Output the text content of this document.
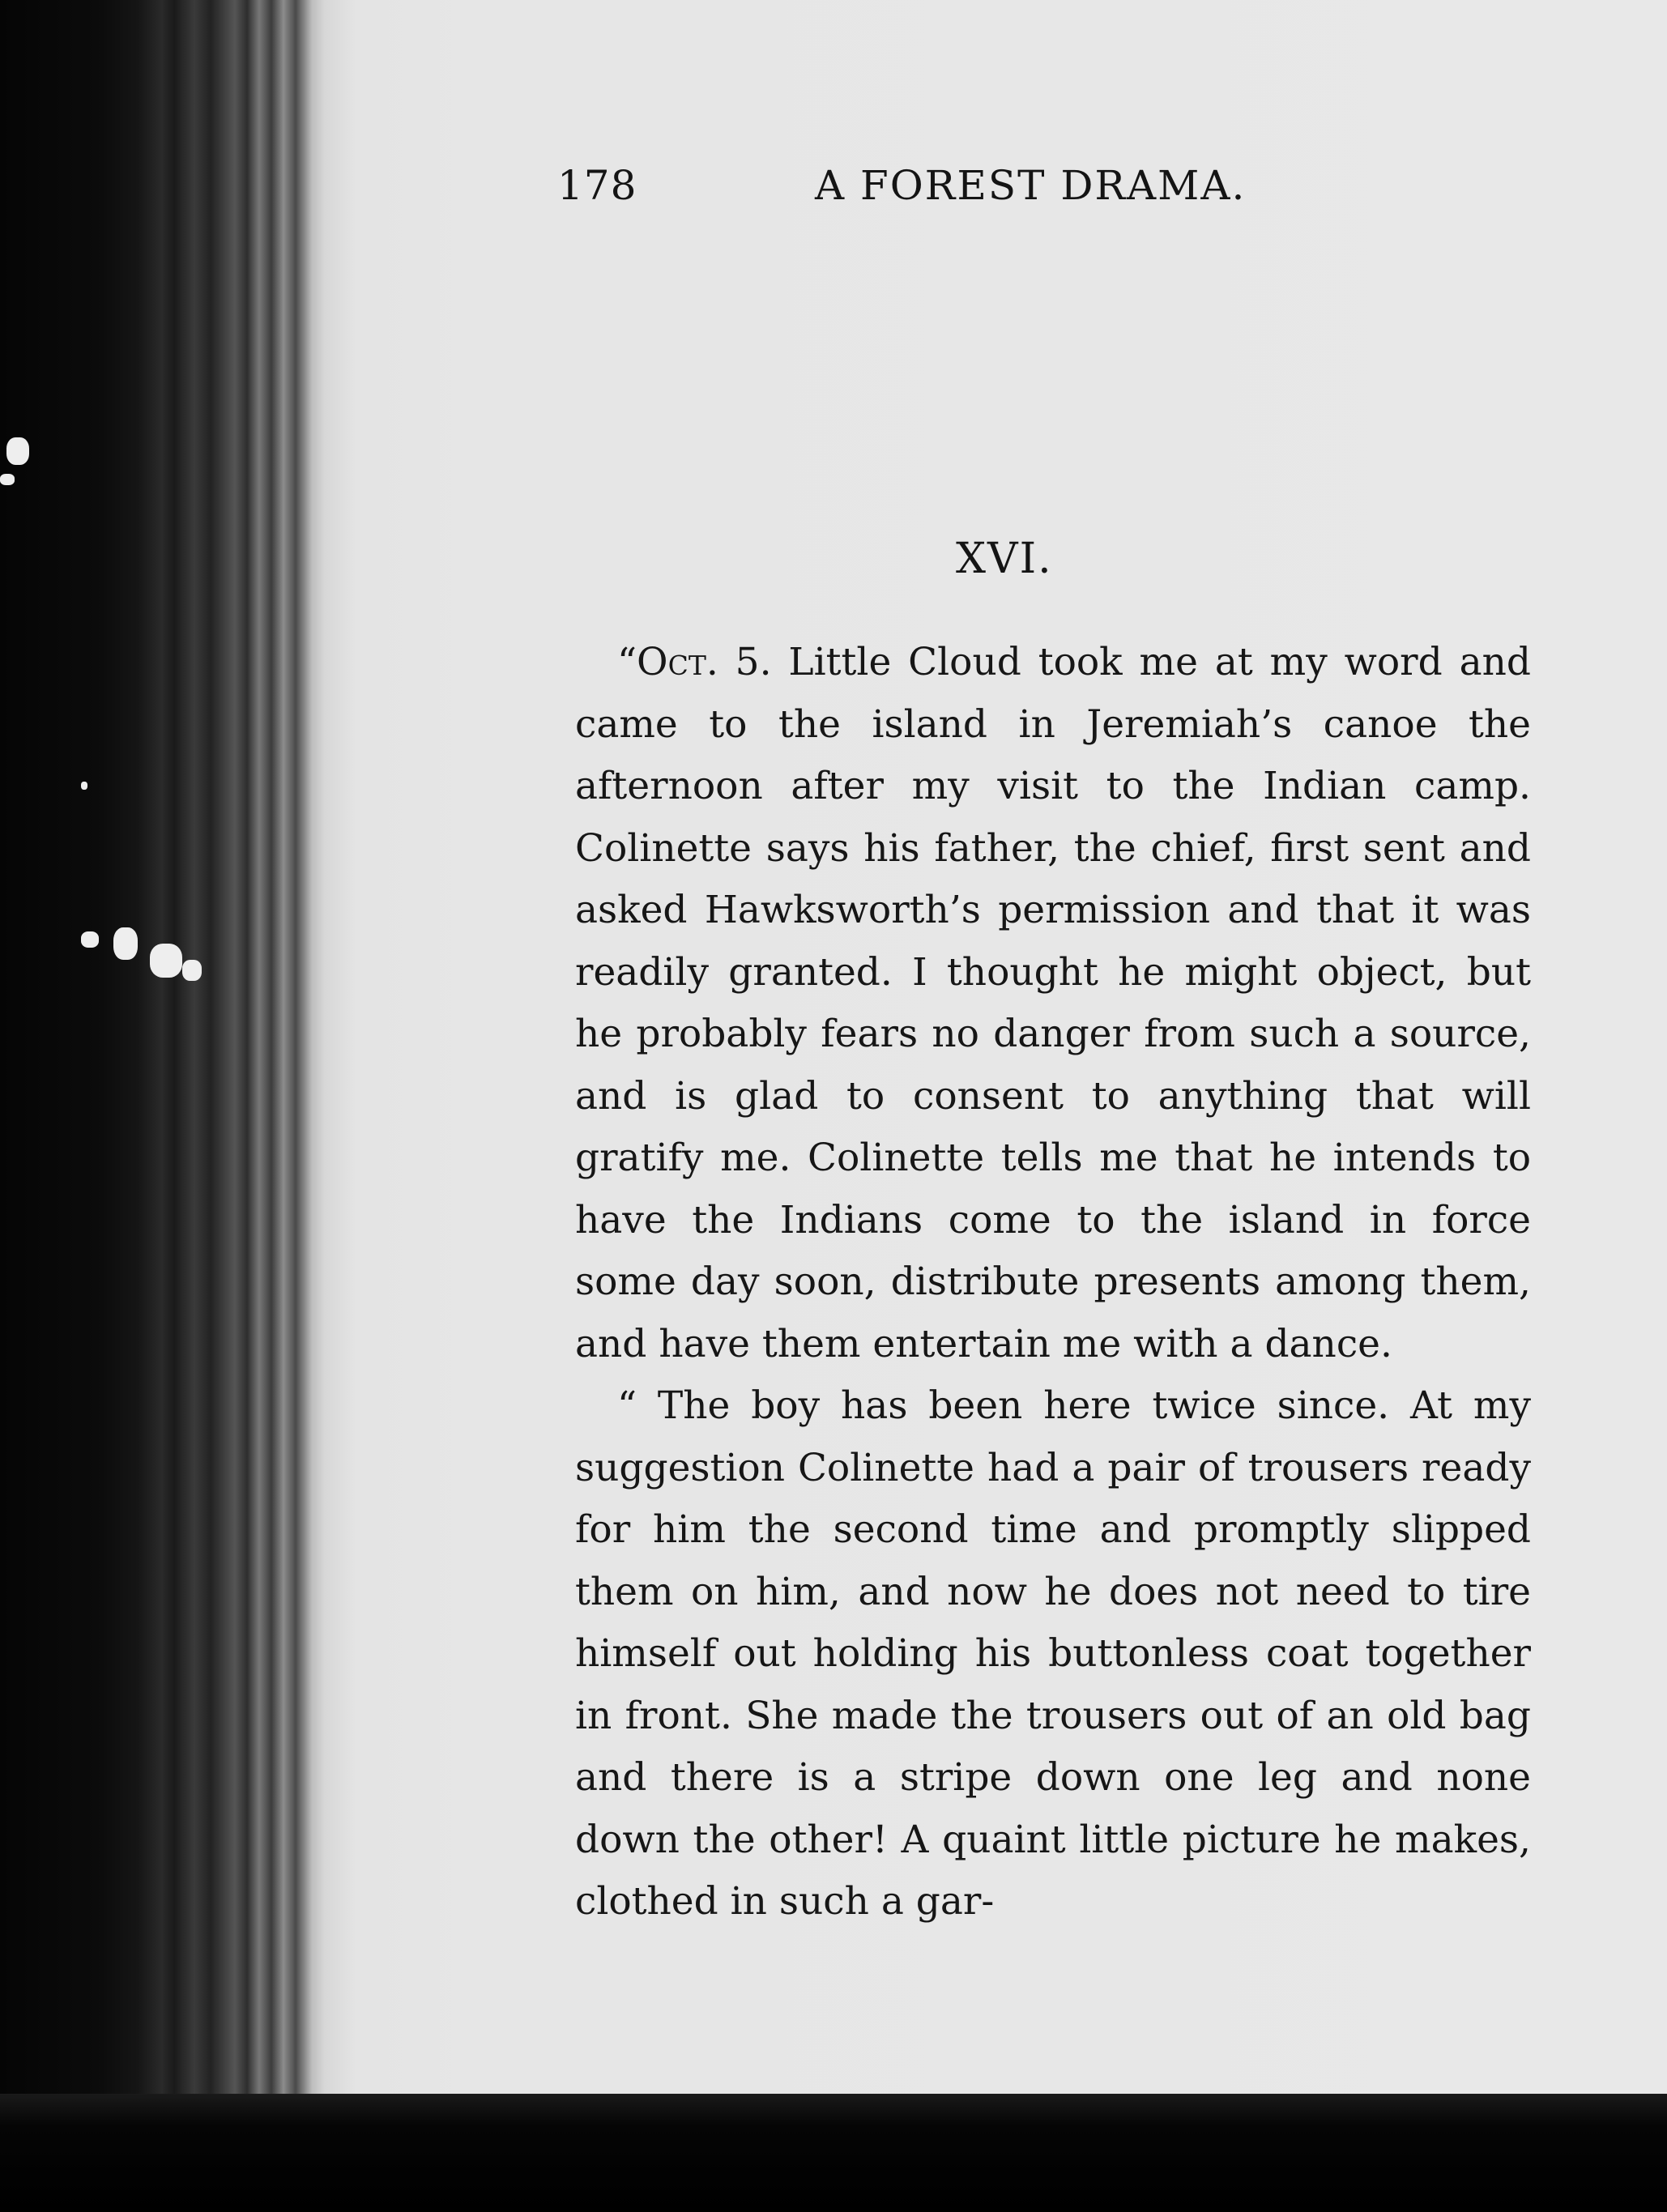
178	A FOREST DRAMA.
XVI.

“Oct. 5. Little Cloud took me at my word and came to the island in Jeremiah’s canoe the afternoon after my visit to the Indian camp. Colinette says his father, the chief, first sent and asked Hawksworth’s permission and that it was readily granted. I thought he might object, but he probably fears no danger from such a source, and is glad to consent to anything that will gratify me. Colinette tells me that he intends to have the Indians come to the island in force some day soon, distribute presents among them, and have them entertain me with a dance.

“ The boy has been here twice since. At my suggestion Colinette had a pair of trousers ready for him the second time and promptly slipped them on him, and now he does not need to tire himself out holding his buttonless coat together in front. She made the trousers out of an old bag and there is a stripe down one leg and none down the other! A quaint little picture he makes, clothed in such a gar-
